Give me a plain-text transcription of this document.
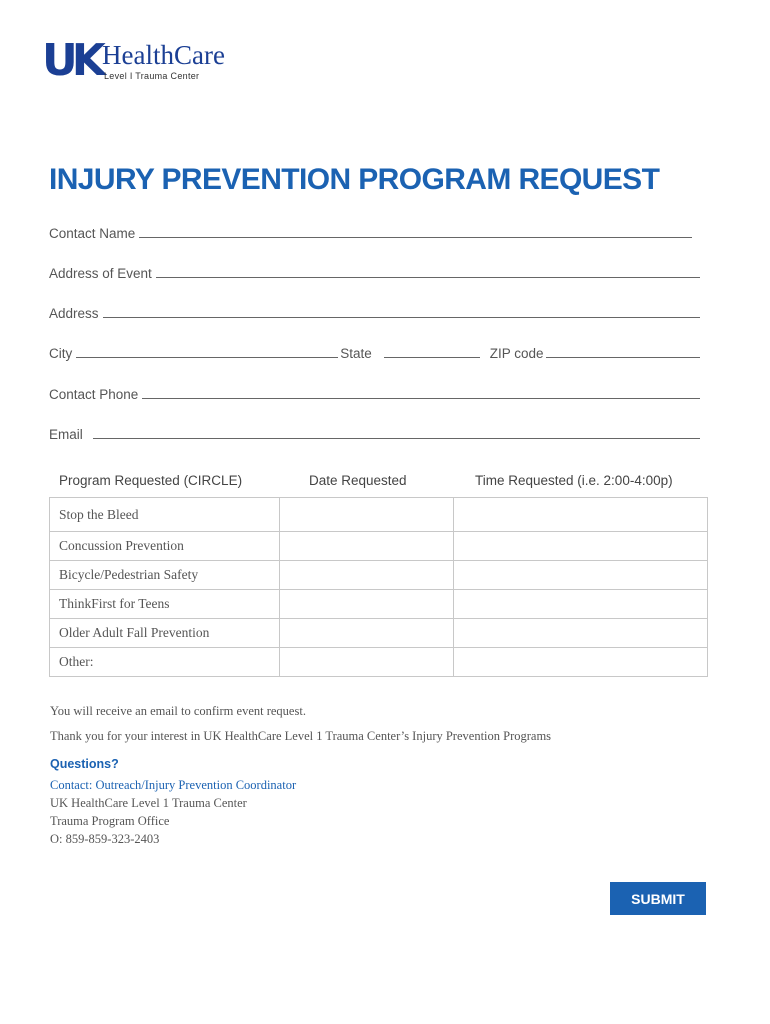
UK HealthCare
Level I Trauma Center
INJURY PREVENTION PROGRAM REQUEST
Contact Name
Address of Event
Address
City	State	ZIP code
Contact Phone
Email
Program Requested (CIRCLE)	Date Requested	Time Requested (i.e. 2:00-4:00p)
Stop the Bleed		
Concussion Prevention		
Bicycle/Pedestrian Safety		
ThinkFirst for Teens		
Older Adult Fall Prevention		
Other:		
You will receive an email to confirm event request.
Thank you for your interest in UK HealthCare Level 1 Trauma Center’s Injury Prevention Programs
Questions?
Contact: Outreach/Injury Prevention Coordinator
UK HealthCare Level 1 Trauma Center
Trauma Program Office
O: 859-859-323-2403
SUBMIT
